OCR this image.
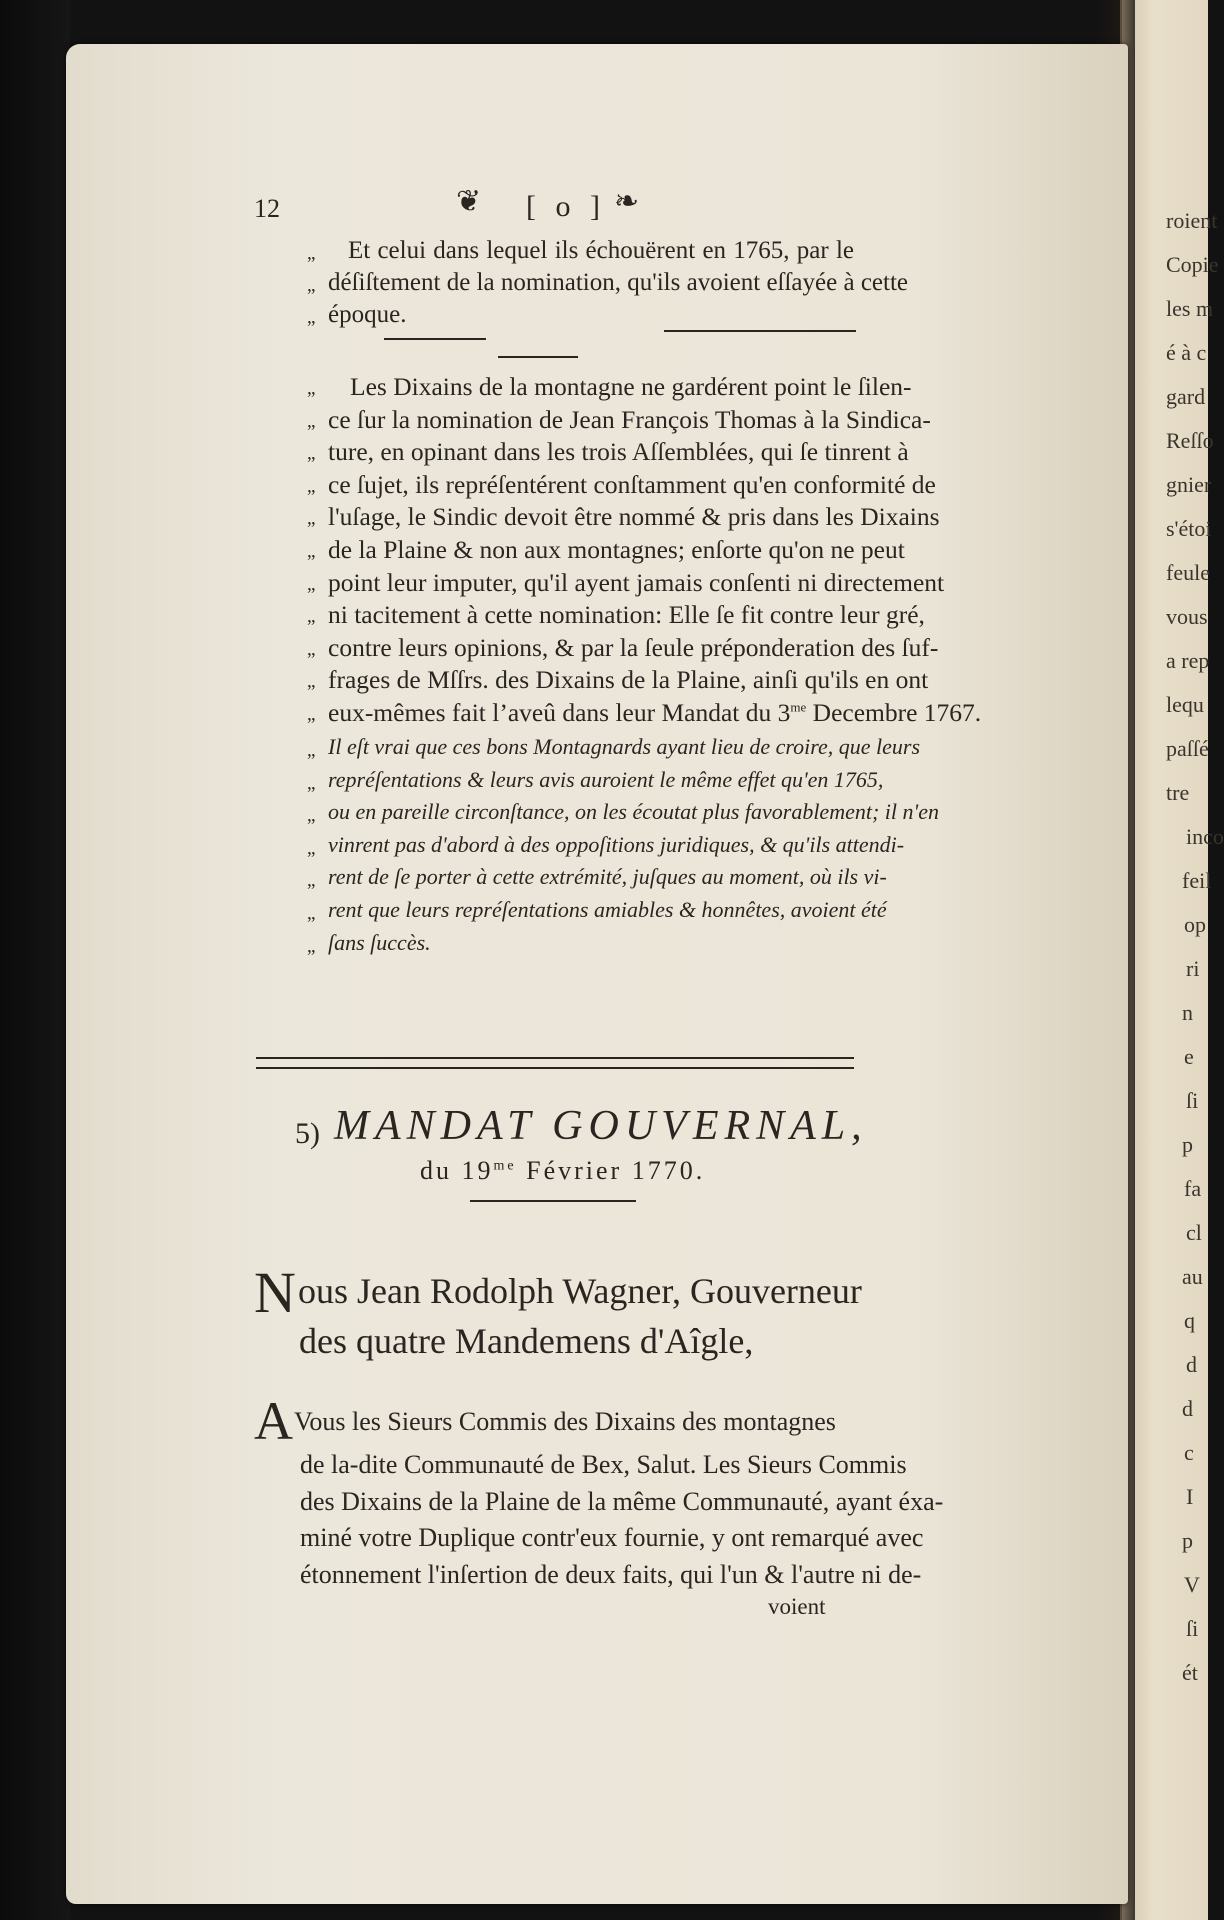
roient
Copie
les m
é à c
gard
Reſſo
gnier
s'étoi
feule
vous
a rep
lequ
paſſé
tre
inco
feil
op
ri
n
e
ſi
p
fa
cl
au
q
d
d
c
I
p
V
ſi
ét
12	❦ [ o ] ❧
5) MANDAT GOUVERNAL,
du $19^{me}$ Février 1770.
N ous Jean Rodolph Wagner, Gouverneur
des quatre Mandemens d'Aîgle,
A Vous les Sieurs Commis des Dixains des montagnes
voient
„ Et celui dans lequel ils échouërent en 1765, par le
„ déſiſtement de la nomination, qu'ils avoient eſſayée à cette
„ époque.
„ Les Dixains de la montagne ne gardérent point le ſilen-
„ ce ſur la nomination de Jean François Thomas à la Sindica-
„ ture, en opinant dans les trois Aſſemblées, qui ſe tinrent à
„ ce ſujet, ils repréſentérent conſtamment qu'en conformité de
„ l'uſage, le Sindic devoit être nommé & pris dans les Dixains
„ de la Plaine & non aux montagnes; enſorte qu'on ne peut
„ point leur imputer, qu'il ayent jamais conſenti ni directement
„ ni tacitement à cette nomination: Elle ſe fit contre leur gré,
„ contre leurs opinions, & par la ſeule préponderation des ſuf-
„ frages de Mſſrs. des Dixains de la Plaine, ainſi qu'ils en ont
„ eux-mêmes fait l’aveû dans leur Mandat du $3^{me}$ Decembre 1767.
„ Il eſt vrai que ces bons Montagnards ayant lieu de croire, que leurs
„ repréſentations & leurs avis auroient le même effet qu'en 1765,
„ ou en pareille circonſtance, on les écoutat plus favorablement; il n'en
„ vinrent pas d'abord à des oppoſitions juridiques, & qu'ils attendi-
„ rent de ſe porter à cette extrémité, juſques au moment, où ils vi-
„ rent que leurs repréſentations amiables & honnêtes, avoient été
„ ſans ſuccès.
de la-dite Communauté de Bex, Salut. Les Sieurs Commis
des Dixains de la Plaine de la même Communauté, ayant éxa-
miné votre Duplique contr'eux fournie, y ont remarqué avec
étonnement l'inſertion de deux faits, qui l'un & l'autre ni de-
